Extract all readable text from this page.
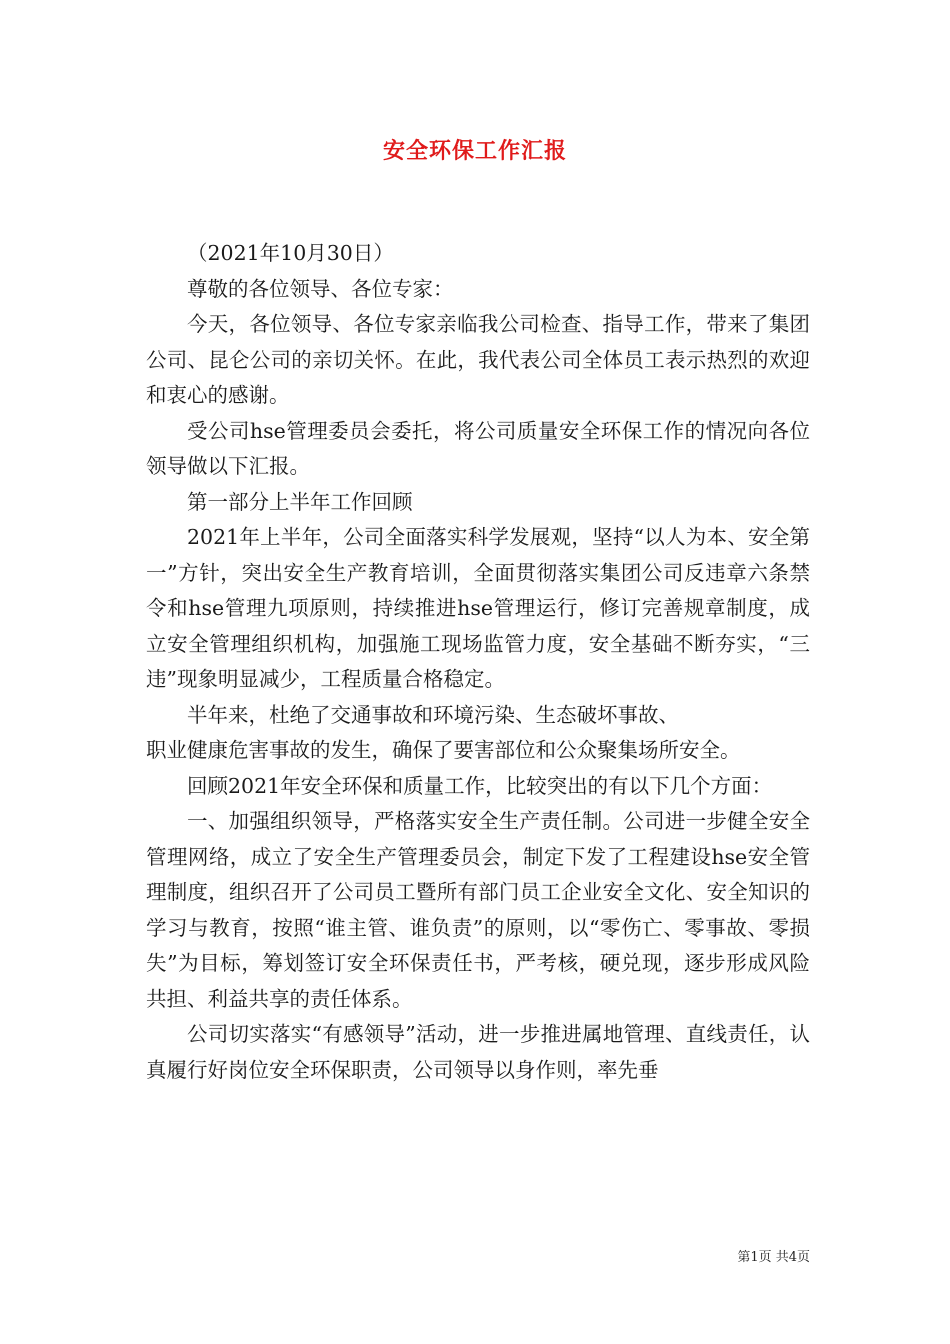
安全环保工作汇报

（2021年10月30日）

尊敬的各位领导、各位专家：

今天，各位领导、各位专家亲临我公司检查、指导工作，带来了集团公司、昆仑公司的亲切关怀。在此，我代表公司全体员工表示热烈的欢迎和衷心的感谢。

受公司hse管理委员会委托，将公司质量安全环保工作的情况向各位领导做以下汇报。

第一部分上半年工作回顾

2021年上半年，公司全面落实科学发展观，坚持“以人为本、安全第一”方针，突出安全生产教育培训，全面贯彻落实集团公司反违章六条禁令和hse管理九项原则，持续推进hse管理运行，修订完善规章制度，成立安全管理组织机构，加强施工现场监管力度，安全基础不断夯实，“三违”现象明显减少，工程质量合格稳定。

半年来，杜绝了交通事故和环境污染、生态破坏事故、

职业健康危害事故的发生，确保了要害部位和公众聚集场所安全。

回顾2021年安全环保和质量工作，比较突出的有以下几个方面：

一、加强组织领导，严格落实安全生产责任制。公司进一步健全安全管理网络，成立了安全生产管理委员会，制定下发了工程建设hse安全管理制度，组织召开了公司员工暨所有部门员工企业安全文化、安全知识的学习与教育，按照“谁主管、谁负责”的原则，以“零伤亡、零事故、零损失”为目标，筹划签订安全环保责任书，严考核，硬兑现，逐步形成风险共担、利益共享的责任体系。

公司切实落实“有感领导”活动，进一步推进属地管理、直线责任，认真履行好岗位安全环保职责，公司领导以身作则，率先垂

第1页 共4页
